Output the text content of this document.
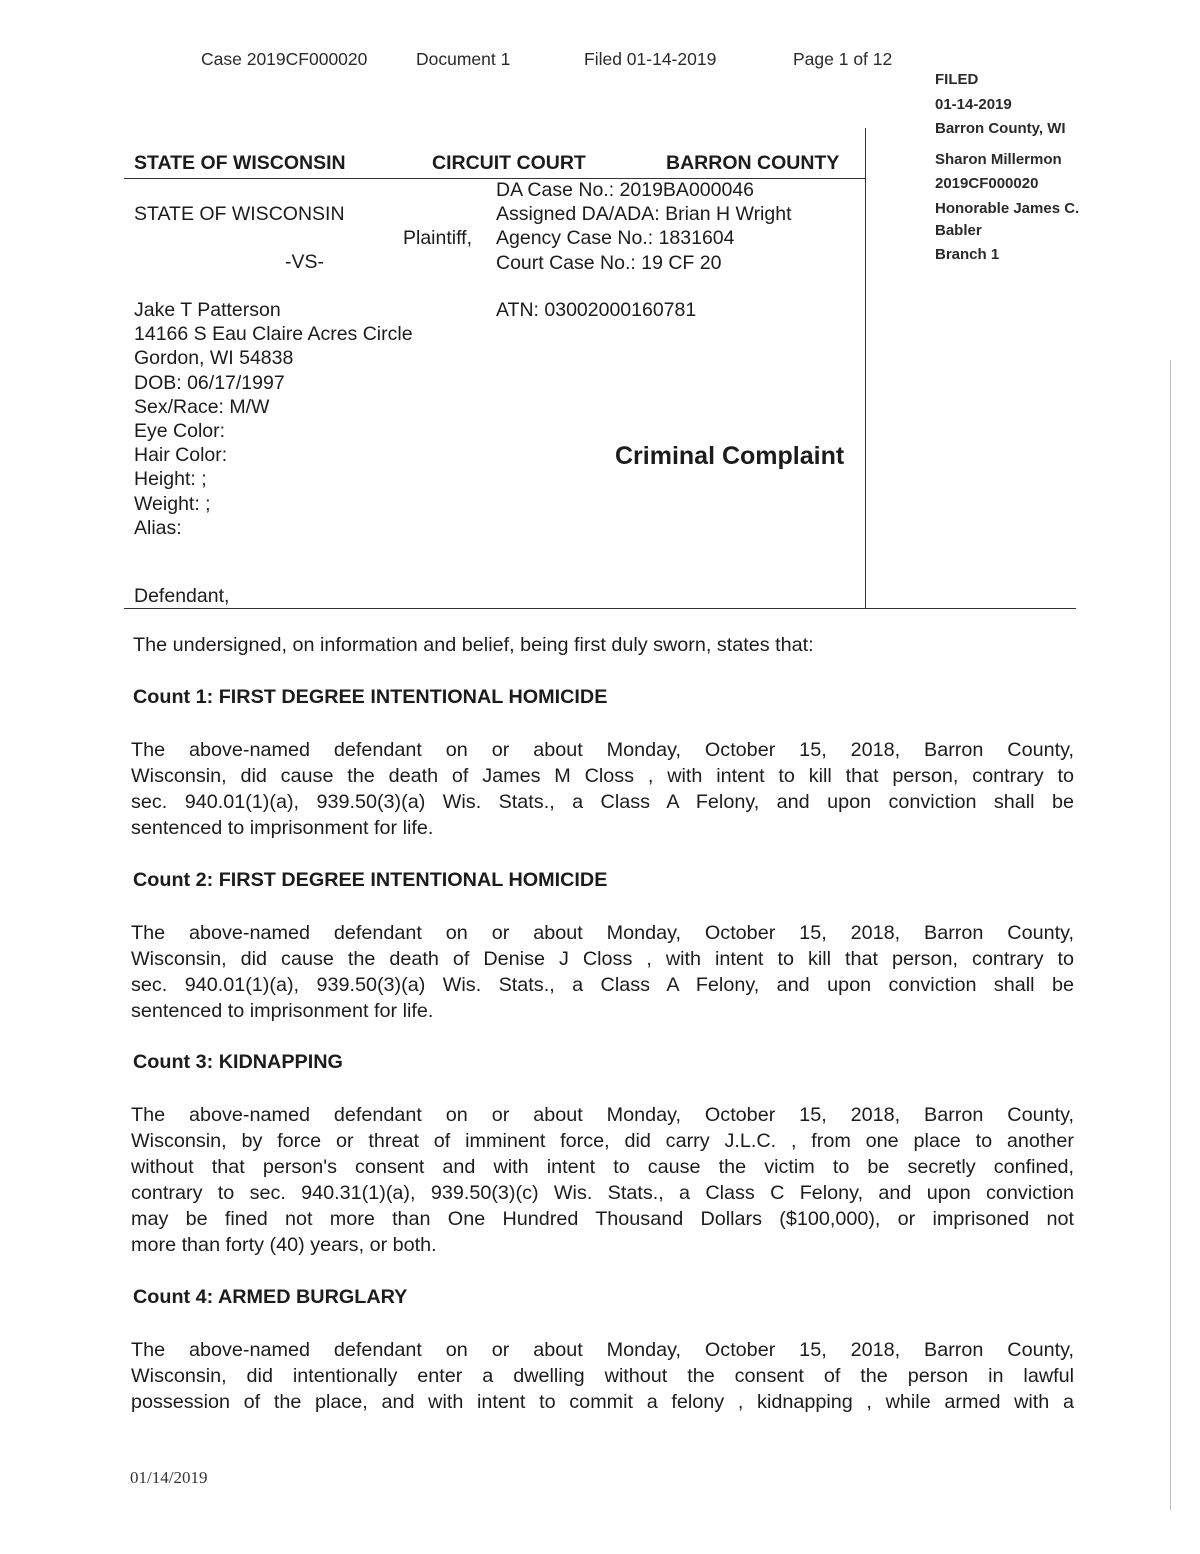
Case 2019CF000020	Document 1	Filed 01-14-2019	Page 1 of 12
FILED
01-14-2019
Barron County, WI
Sharon Millermon
2019CF000020
Honorable James C.
Babler
Branch 1
STATE OF WISCONSIN	CIRCUIT COURT	BARRON COUNTY
STATE OF WISCONSIN
Plaintiff,
-VS-
DA Case No.: 2019BA000046
Assigned DA/ADA: Brian H Wright
Agency Case No.: 1831604
Court Case No.: 19 CF 20
ATN: 03002000160781
Jake T Patterson
14166 S Eau Claire Acres Circle
Gordon, WI 54838
DOB: 06/17/1997
Sex/Race: M/W
Eye Color:
Hair Color:
Height: ;
Weight: ;
Alias:
Criminal Complaint
Defendant,
The undersigned, on information and belief, being first duly sworn, states that:
Count 1: FIRST DEGREE INTENTIONAL HOMICIDE
The above-named defendant on or about Monday, October 15, 2018, Barron County,
Wisconsin, did cause the death of James M Closs , with intent to kill that person, contrary to
sec. 940.01(1)(a), 939.50(3)(a) Wis. Stats., a Class A Felony, and upon conviction shall be
sentenced to imprisonment for life.
Count 2: FIRST DEGREE INTENTIONAL HOMICIDE
The above-named defendant on or about Monday, October 15, 2018, Barron County,
Wisconsin, did cause the death of Denise J Closs , with intent to kill that person, contrary to
sec. 940.01(1)(a), 939.50(3)(a) Wis. Stats., a Class A Felony, and upon conviction shall be
sentenced to imprisonment for life.
Count 3: KIDNAPPING
The above-named defendant on or about Monday, October 15, 2018, Barron County,
Wisconsin, by force or threat of imminent force, did carry J.L.C. , from one place to another
without that person's consent and with intent to cause the victim to be secretly confined,
contrary to sec. 940.31(1)(a), 939.50(3)(c) Wis. Stats., a Class C Felony, and upon conviction
may be fined not more than One Hundred Thousand Dollars ($100,000), or imprisoned not
more than forty (40) years, or both.
Count 4: ARMED BURGLARY
The above-named defendant on or about Monday, October 15, 2018, Barron County,
Wisconsin, did intentionally enter a dwelling without the consent of the person in lawful
possession of the place, and with intent to commit a felony , kidnapping , while armed with a
01/14/2019
